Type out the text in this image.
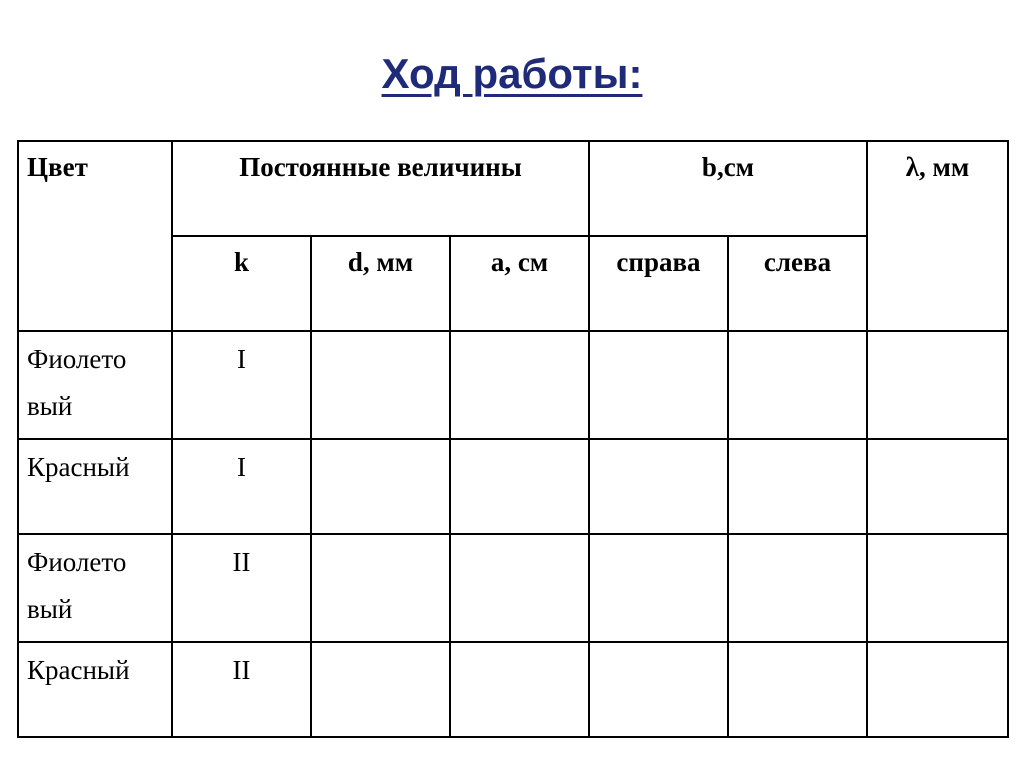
Ход работы:
Цвет	Постоянные величины			b,см		λ, мм
	k	d, мм	a, см	справа	слева	
Фиолето вый	I					
Красный	I					
Фиолето вый	II					
Красный	II					
